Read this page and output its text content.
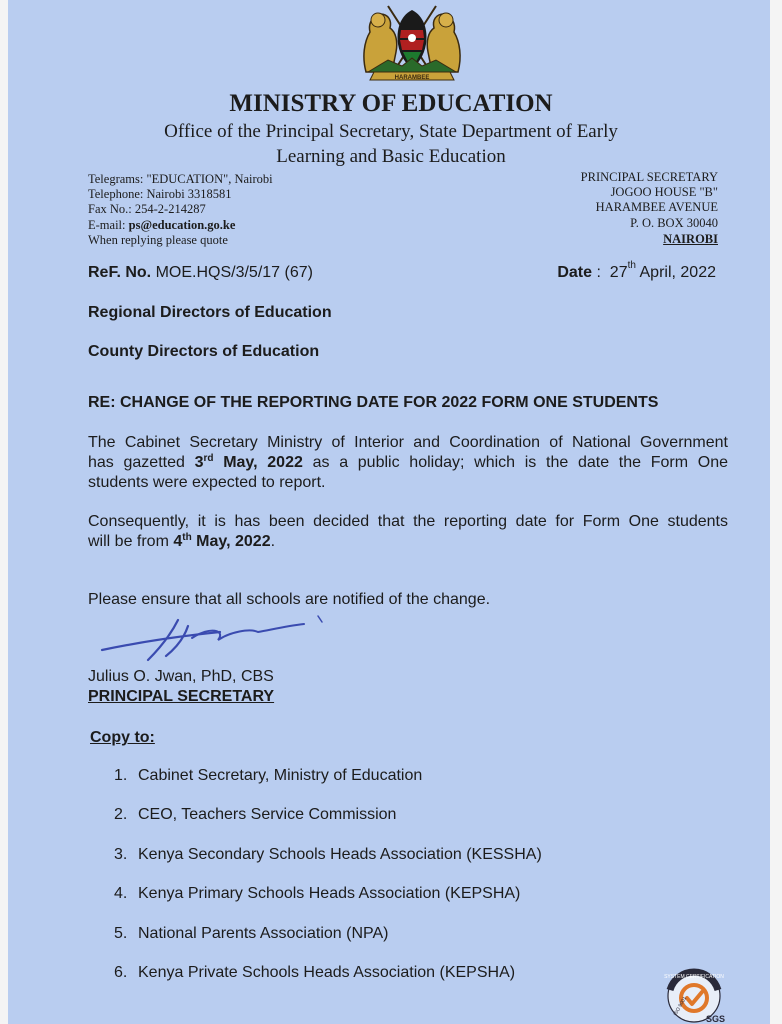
HARAMBEE
MINISTRY OF EDUCATION
Office of the Principal Secretary, State Department of Early
Learning and Basic Education
Telegrams: "EDUCATION", Nairobi
Telephone: Nairobi 3318581
Fax No.: 254-2-214287
E-mail: ps@education.go.ke
When replying please quote
PRINCIPAL SECRETARY
JOGOO HOUSE "B"
HARAMBEE AVENUE
P. O. BOX 30040
NAIROBI
ReF. No. MOE.HQS/3/5/17 (67)	Date : 27th April, 2022
Regional Directors of Education
County Directors of Education
RE: CHANGE OF THE REPORTING DATE FOR 2022 FORM ONE STUDENTS
The Cabinet Secretary Ministry of Interior and Coordination of National Government
has gazetted 3rd May, 2022 as a public holiday; which is the date the Form One
students were expected to report.
Consequently, it is has been decided that the reporting date for Form One students
will be from 4th May, 2022.
Please ensure that all schools are notified of the change.
Julius O. Jwan, PhD, CBS
PRINCIPAL SECRETARY
Copy to:
1. Cabinet Secretary, Ministry of Education
2. CEO, Teachers Service Commission
3. Kenya Secondary Schools Heads Association (KESSHA)
4. Kenya Primary Schools Heads Association (KEPSHA)
5. National Parents Association (NPA)
6. Kenya Private Schools Heads Association (KEPSHA)	SYSTEM CERTIFICATION
ISO 9001
SGS
